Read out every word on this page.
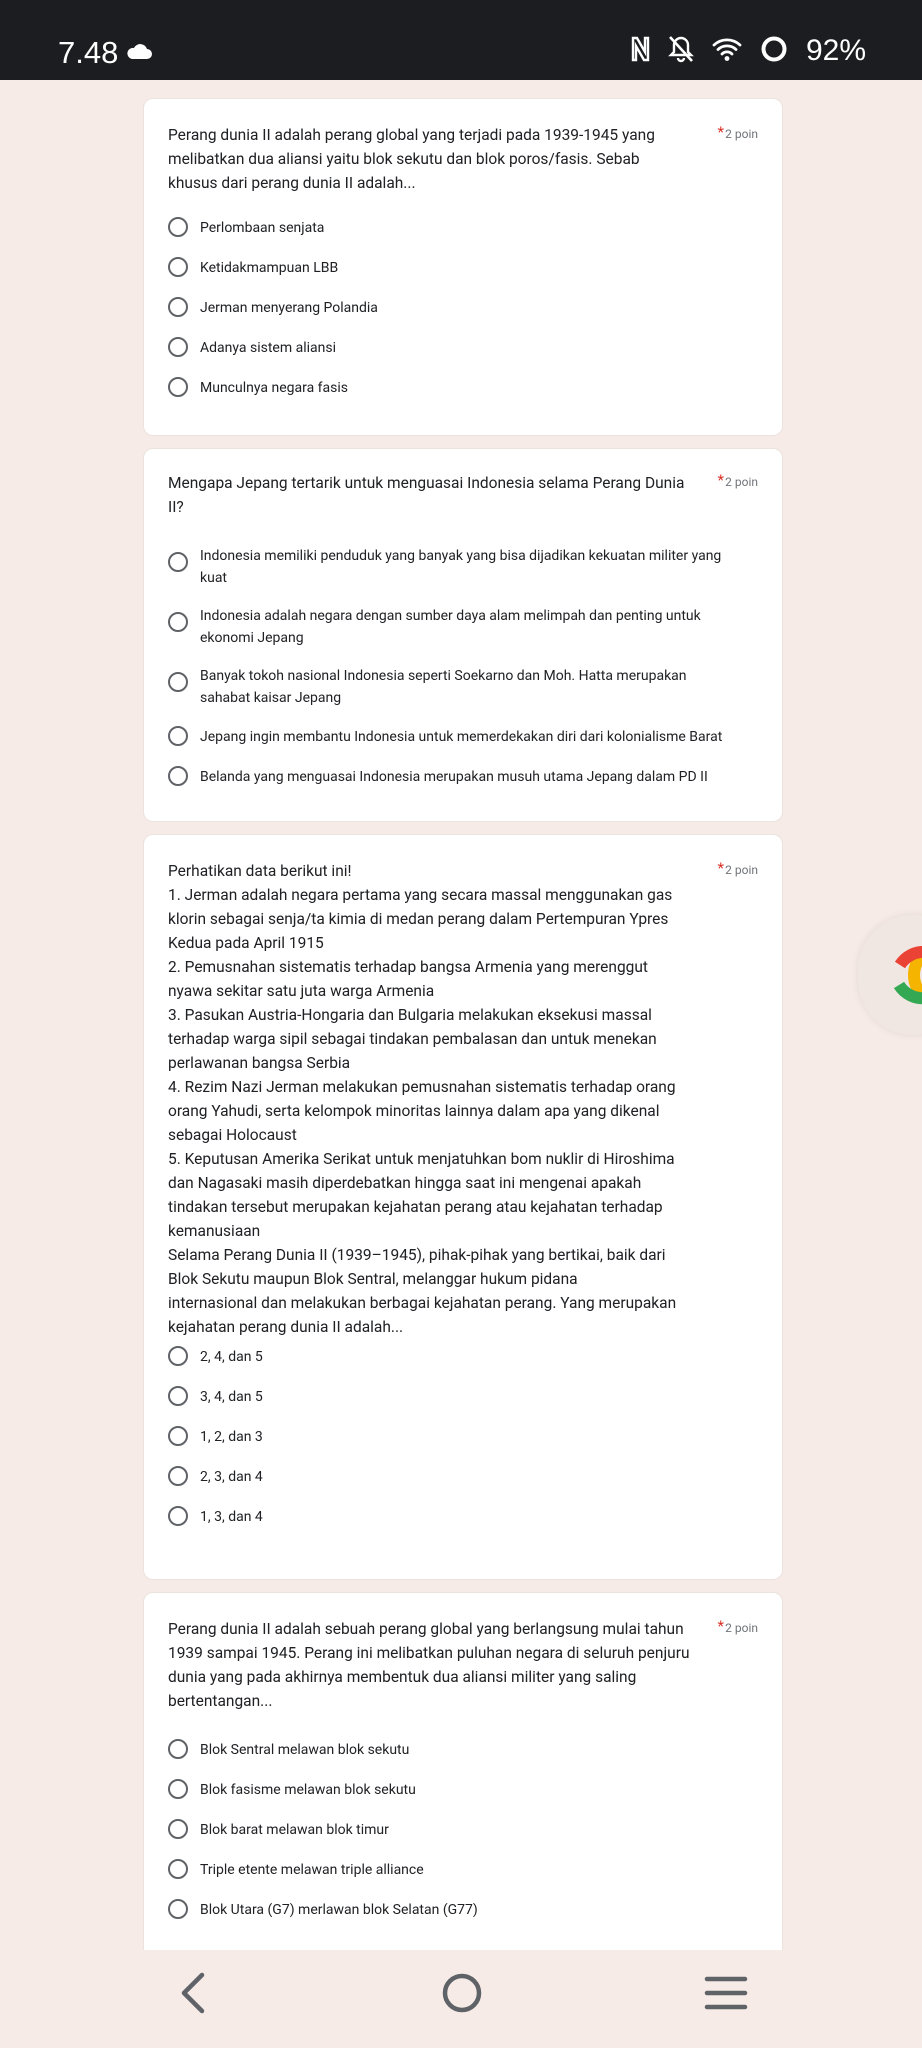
7.48	92%
Perang dunia II adalah perang global yang terjadi pada 1939-1945 yang
melibatkan dua aliansi yaitu blok sekutu dan blok poros/fasis. Sebab
khusus dari perang dunia II adalah...
* 2 poin
Perlombaan senjata
Ketidakmampuan LBB
Jerman menyerang Polandia
Adanya sistem aliansi
Munculnya negara fasis
Mengapa Jepang tertarik untuk menguasai Indonesia selama Perang Dunia
II?
* 2 poin
Indonesia memiliki penduduk yang banyak yang bisa dijadikan kekuatan militer yang
kuat
Indonesia adalah negara dengan sumber daya alam melimpah dan penting untuk
ekonomi Jepang
Banyak tokoh nasional Indonesia seperti Soekarno dan Moh. Hatta merupakan
sahabat kaisar Jepang
Jepang ingin membantu Indonesia untuk memerdekakan diri dari kolonialisme Barat
Belanda yang menguasai Indonesia merupakan musuh utama Jepang dalam PD II
Perhatikan data berikut ini!
1. Jerman adalah negara pertama yang secara massal menggunakan gas
klorin sebagai senja/ta kimia di medan perang dalam Pertempuran Ypres
Kedua pada April 1915
2. Pemusnahan sistematis terhadap bangsa Armenia yang merenggut
nyawa sekitar satu juta warga Armenia
3. Pasukan Austria-Hongaria dan Bulgaria melakukan eksekusi massal
terhadap warga sipil sebagai tindakan pembalasan dan untuk menekan
perlawanan bangsa Serbia
4. Rezim Nazi Jerman melakukan pemusnahan sistematis terhadap orang
orang Yahudi, serta kelompok minoritas lainnya dalam apa yang dikenal
sebagai Holocaust
5. Keputusan Amerika Serikat untuk menjatuhkan bom nuklir di Hiroshima
dan Nagasaki masih diperdebatkan hingga saat ini mengenai apakah
tindakan tersebut merupakan kejahatan perang atau kejahatan terhadap
kemanusiaan
Selama Perang Dunia II (1939–1945), pihak-pihak yang bertikai, baik dari
Blok Sekutu maupun Blok Sentral, melanggar hukum pidana
internasional dan melakukan berbagai kejahatan perang. Yang merupakan
kejahatan perang dunia II adalah...
* 2 poin
2, 4, dan 5
3, 4, dan 5
1, 2, dan 3
2, 3, dan 4
1, 3, dan 4
Perang dunia II adalah sebuah perang global yang berlangsung mulai tahun
1939 sampai 1945. Perang ini melibatkan puluhan negara di seluruh penjuru
dunia yang pada akhirnya membentuk dua aliansi militer yang saling
bertentangan...
* 2 poin
Blok Sentral melawan blok sekutu
Blok fasisme melawan blok sekutu
Blok barat melawan blok timur
Triple etente melawan triple alliance
Blok Utara (G7) merlawan blok Selatan (G77)
